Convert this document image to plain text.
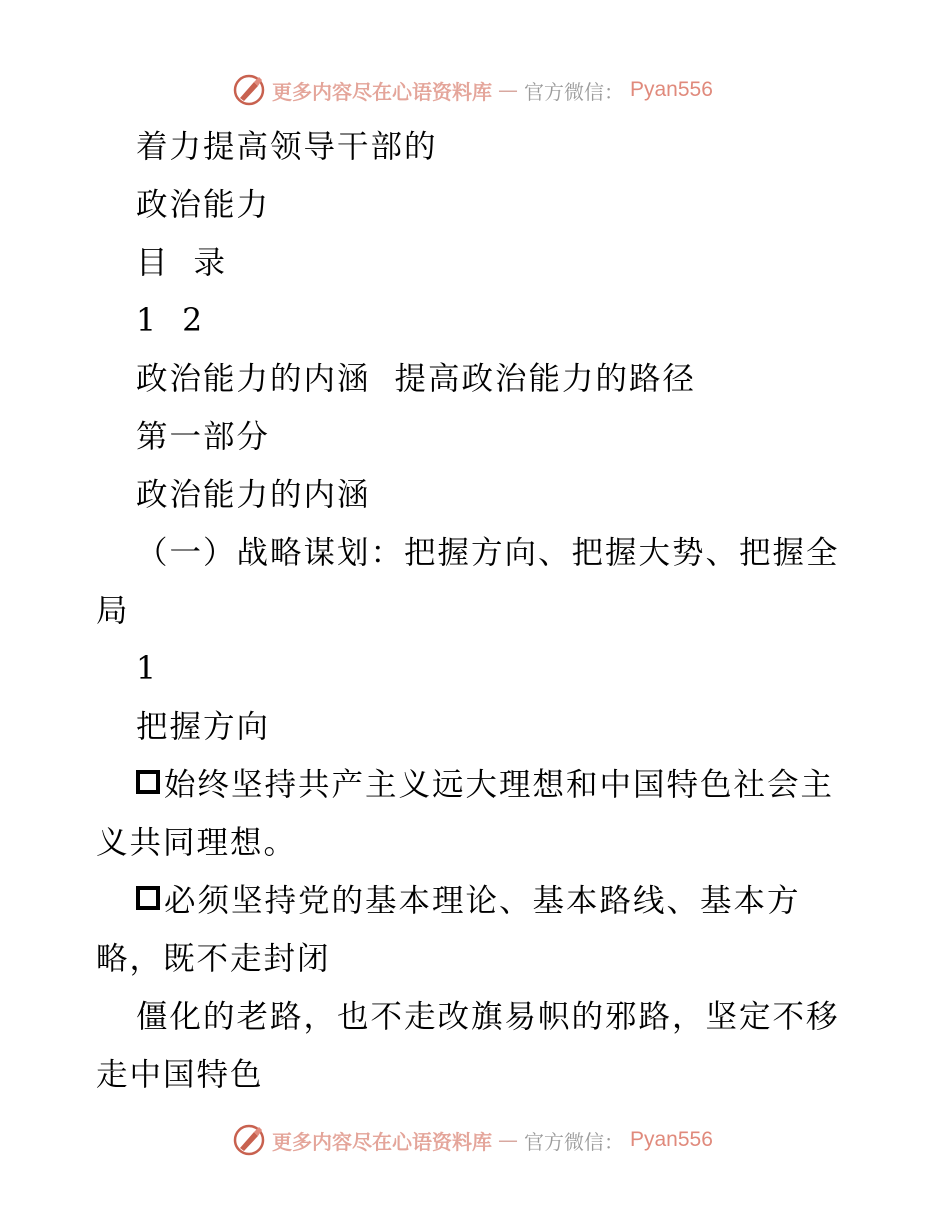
更多内容尽在心语资料库 — 官方微信： Pyan556

着力提高领导干部的

政治能力

目  录

1  2

政治能力的内涵  提高政治能力的路径

第一部分

政治能力的内涵

（一）战略谋划：把握方向、把握大势、把握全局

1

把握方向

始终坚持共产主义远大理想和中国特色社会主义共同理想。

必须坚持党的基本理论、基本路线、基本方略，既不走封闭

僵化的老路，也不走改旗易帜的邪路，坚定不移走中国特色

更多内容尽在心语资料库 — 官方微信： Pyan556
